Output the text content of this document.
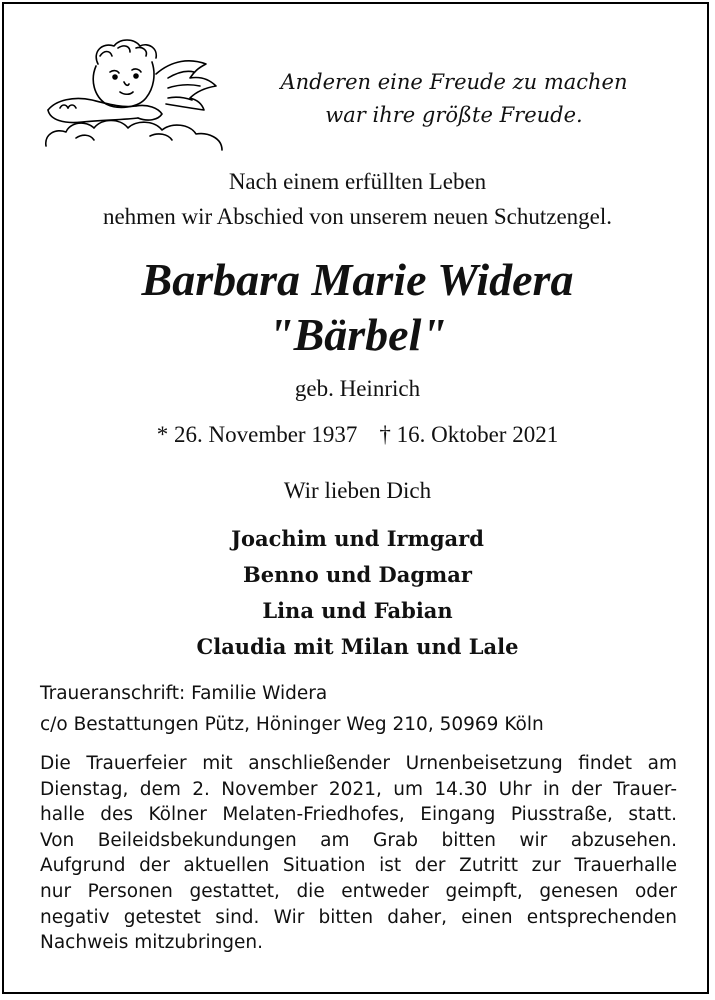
Anderen eine Freude zu machen
war ihre größte Freude.
Nach einem erfüllten Leben
nehmen wir Abschied von unserem neuen Schutzengel.
Barbara Marie Widera
"Bärbel"
geb. Heinrich
* 26. November 1937 † 16. Oktober 2021
Wir lieben Dich
Joachim und Irmgard
Benno und Dagmar
Lina und Fabian
Claudia mit Milan und Lale
Traueranschrift: Familie Widera
c/o Bestattungen Pütz, Höninger Weg 210, 50969 Köln
Die Trauerfeier mit anschließender Urnenbeisetzung findet am
Dienstag, dem 2. November 2021, um 14.30 Uhr in der Trauer-
halle des Kölner Melaten-Friedhofes, Eingang Piusstraße, statt.
Von Beileidsbekundungen am Grab bitten wir abzusehen.
Aufgrund der aktuellen Situation ist der Zutritt zur Trauerhalle
nur Personen gestattet, die entweder geimpft, genesen oder
negativ getestet sind. Wir bitten daher, einen entsprechenden
Nachweis mitzubringen.
